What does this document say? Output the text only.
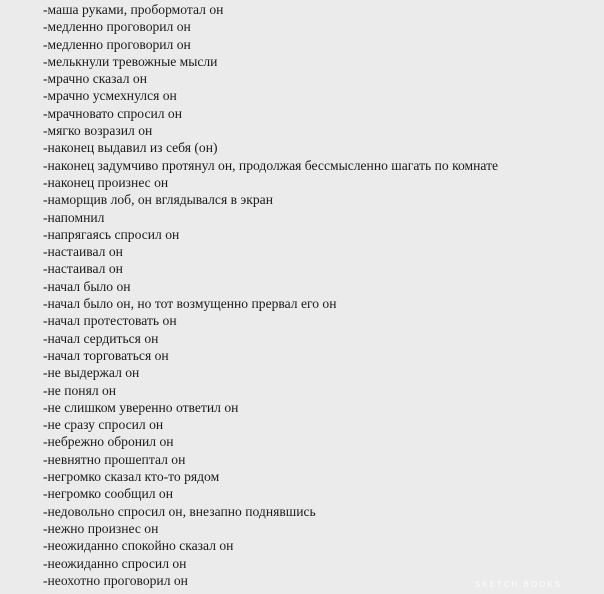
-маша руками, пробормотал он
-медленно проговорил он
-медленно проговорил он
-мелькнули тревожные мысли
-мрачно сказал он
-мрачно усмехнулся он
-мрачновато спросил он
-мягко возразил он
-наконец выдавил из себя (он)
-наконец задумчиво протянул он, продолжая бессмысленно шагать по комнате
-наконец произнес он
-наморщив лоб, он вглядывался в экран
-напомнил
-напрягаясь спросил он
-настаивал он
-настаивал он
-начал было он
-начал было он, но тот возмущенно прервал его он
-начал протестовать он
-начал сердиться он
-начал торговаться он
-не выдержал он
-не понял он
-не слишком уверенно ответил он
-не сразу спросил он
-небрежно обронил он
-невнятно прошептал он
-негромко сказал кто-то рядом
-негромко сообщил он
-недовольно спросил он, внезапно поднявшись
-нежно произнес он
-неожиданно спокойно сказал он
-неожиданно спросил он
-неохотно проговорил он	SKETCH.BOOKS
